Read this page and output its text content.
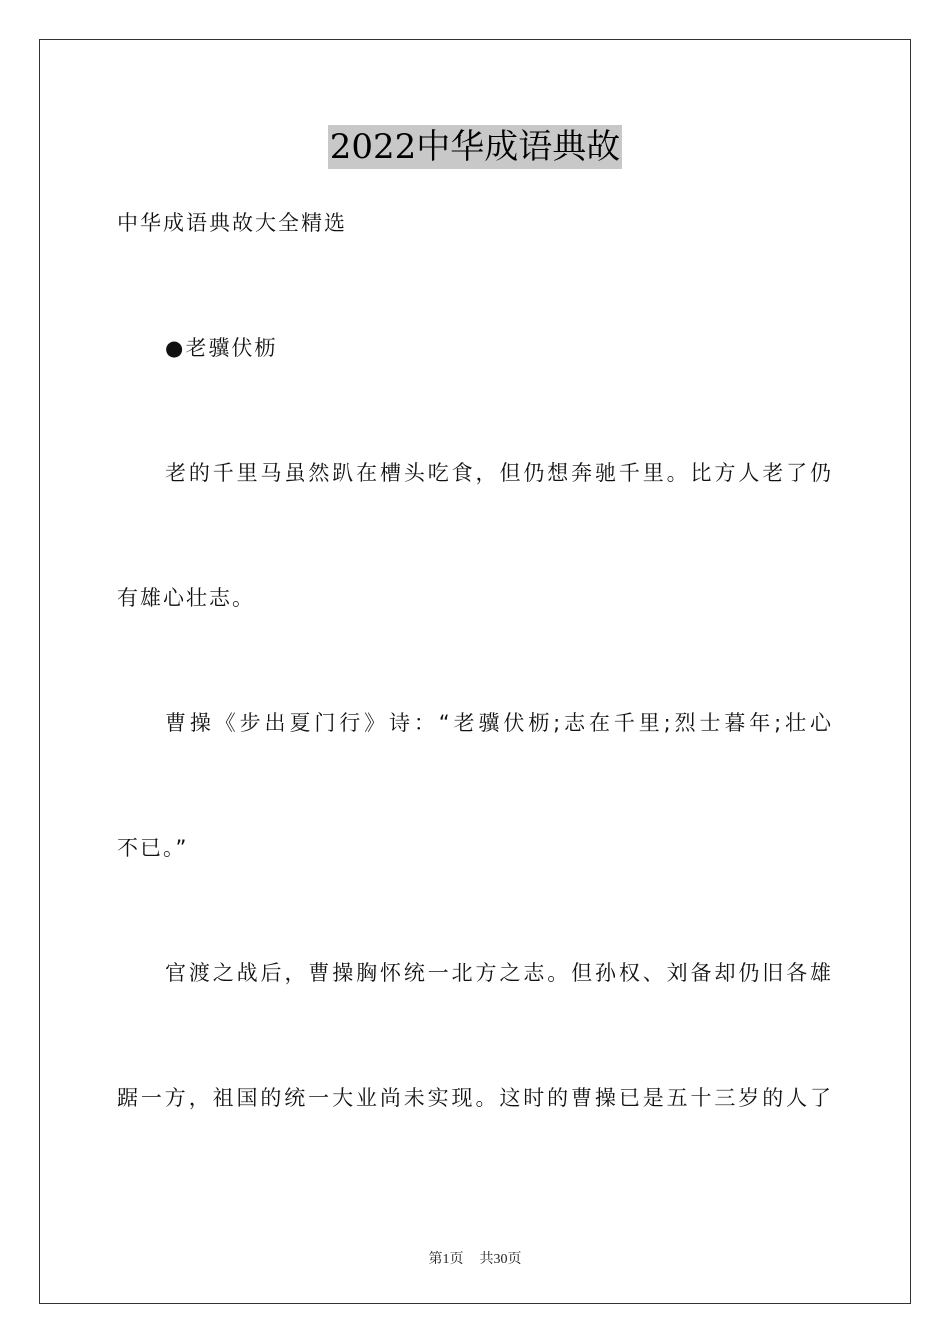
2022中华成语典故
中华成语典故大全精选
●老骥伏枥
老的千里马虽然趴在槽头吃食，但仍想奔驰千里。比方人老了仍
有雄心壮志。
曹操《步出夏门行》诗：“老骥伏枥;志在千里;烈士暮年;壮心
不已。”
官渡之战后，曹操胸怀统一北方之志。但孙权、刘备却仍旧各雄
踞一方，祖国的统一大业尚未实现。这时的曹操已是五十三岁的人了
第1页 共30页
